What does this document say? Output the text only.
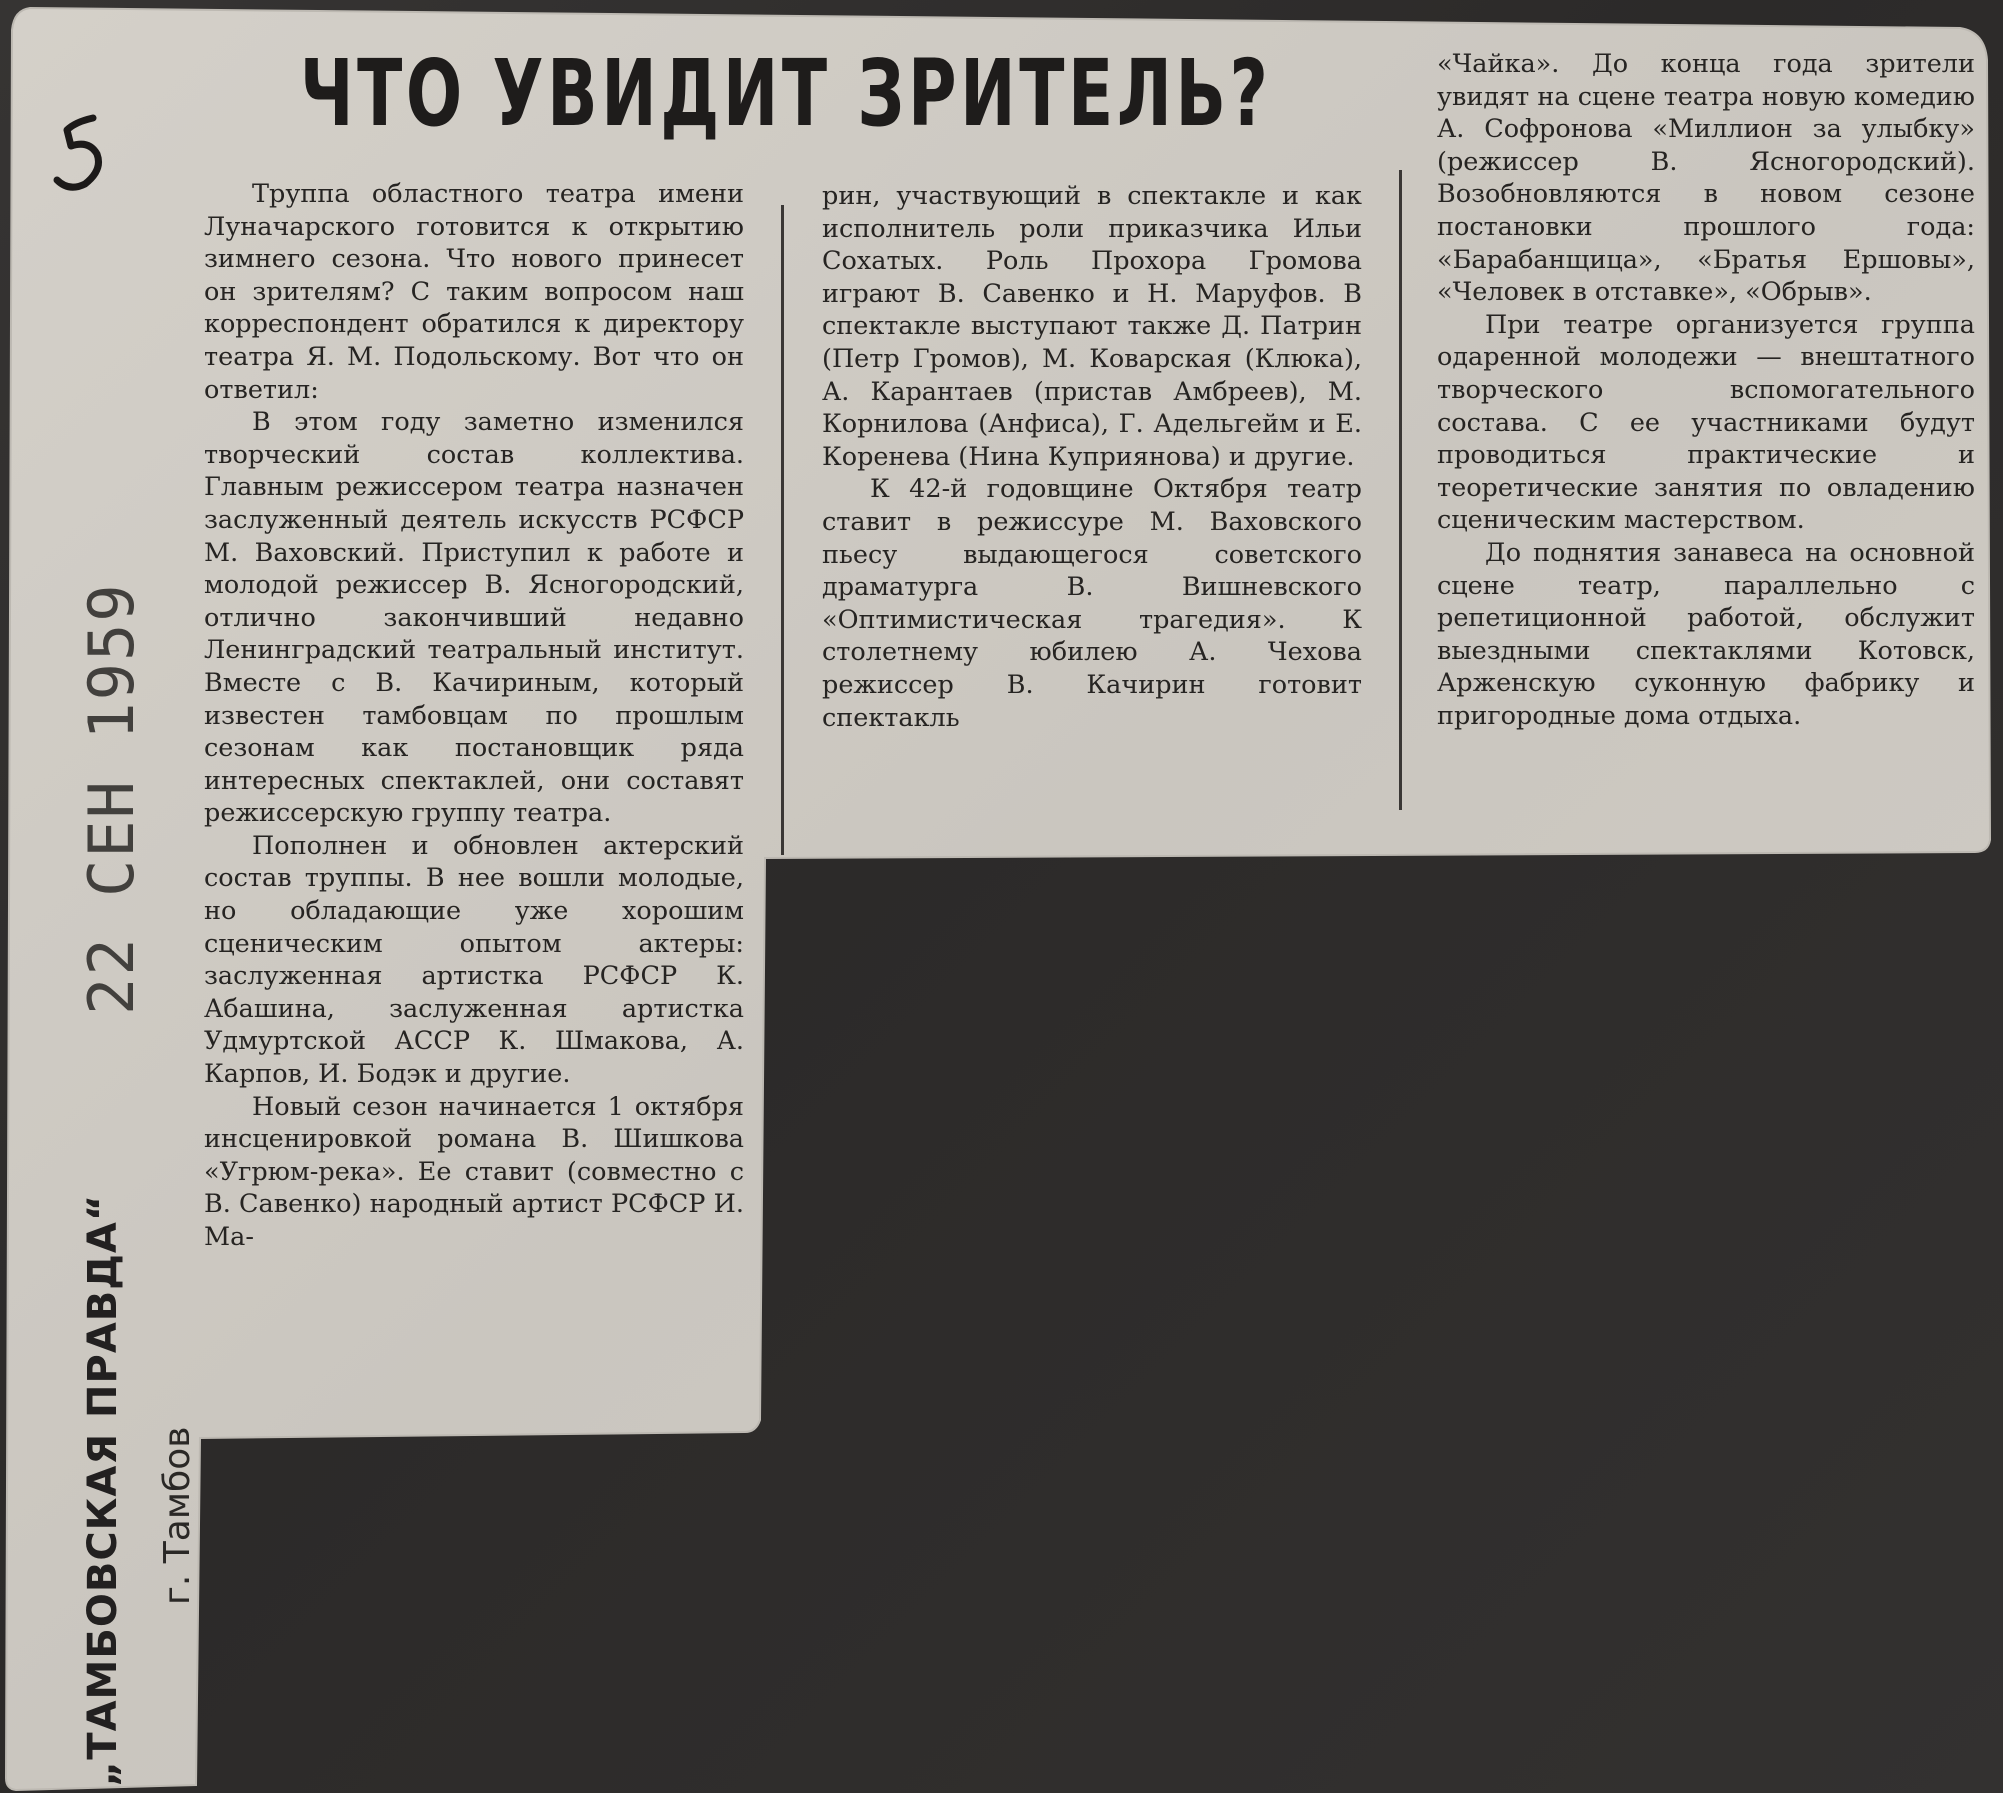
ЧТО УВИДИТ ЗРИТЕЛЬ?

Труппа областного театра имени Луначарского готовится к открытию зимнего сезона. Что нового принесет он зрителям? С таким вопросом наш корреспондент обратился к директору театра Я. М. Подольскому. Вот что он ответил:

В этом году заметно изменился творческий состав коллектива. Главным режиссером театра назначен заслуженный деятель искусств РСФСР М. Ваховский. Приступил к работе и молодой режиссер В. Ясногородский, отлично закончивший недавно Ленинградский театральный институт. Вместе с В. Качириным, который известен тамбовцам по прошлым сезонам как постановщик ряда интересных спектаклей, они составят режиссерскую группу театра.

Пополнен и обновлен актерский состав труппы. В нее вошли молодые, но обладающие уже хорошим сценическим опытом актеры: заслуженная артистка РСФСР К. Абашина, заслуженная артистка Удмуртской АССР К. Шмакова, А. Карпов, И. Бодэк и другие.

Новый сезон начинается 1 октября инсценировкой романа В. Шишкова «Угрюм-река». Ее ставит (совместно с В. Савенко) народный артист РСФСР И. Ма-

рин, участвующий в спектакле и как исполнитель роли приказчика Ильи Сохатых. Роль Прохора Громова играют В. Савенко и Н. Маруфов. В спектакле выступают также Д. Патрин (Петр Громов), М. Коварская (Клюка), А. Карантаев (пристав Амбреев), М. Корнилова (Анфиса), Г. Адельгейм и Е. Коренева (Нина Куприянова) и другие.

К 42-й годовщине Октября театр ставит в режиссуре М. Ваховского пьесу выдающегося советского драматурга В. Вишневского «Оптимистическая трагедия». К столетнему юбилею А. Чехова режиссер В. Качирин готовит спектакль

«Чайка». До конца года зрители увидят на сцене театра новую комедию А. Софронова «Миллион за улыбку» (режиссер В. Ясногородский). Возобновляются в новом сезоне постановки прошлого года: «Барабанщица», «Братья Ершовы», «Человек в отставке», «Обрыв».

При театре организуется группа одаренной молодежи — внештатного творческого вспомогательного состава. С ее участниками будут проводиться практические и теоретические занятия по овладению сценическим мастерством.

До поднятия занавеса на основной сцене театр, параллельно с репетиционной работой, обслужит выездными спектаклями Котовск, Арженскую суконную фабрику и пригородные дома отдыха.

22 СЕН 1959
„ТАМБОВСКАЯ ПРАВДА“ г. Тамбов
